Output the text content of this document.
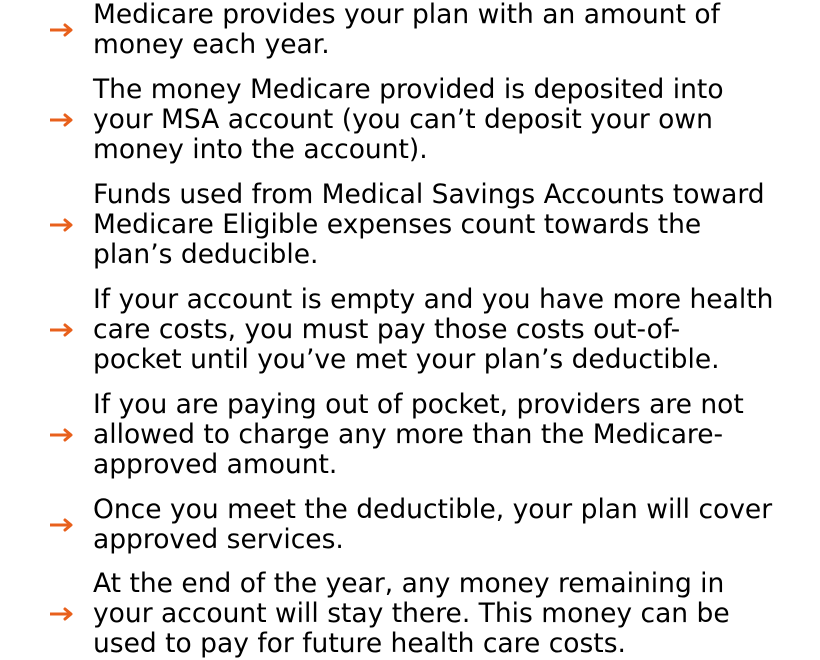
Medicare provides your plan with an amount of
money each year.
The money Medicare provided is deposited into
your MSA account (you can’t deposit your own
money into the account).
Funds used from Medical Savings Accounts toward
Medicare Eligible expenses count towards the
plan’s deducible.
If your account is empty and you have more health
care costs, you must pay those costs out-of-
pocket until you’ve met your plan’s deductible.
If you are paying out of pocket, providers are not
allowed to charge any more than the Medicare-
approved amount.
Once you meet the deductible, your plan will cover
approved services.
At the end of the year, any money remaining in
your account will stay there. This money can be
used to pay for future health care costs.
